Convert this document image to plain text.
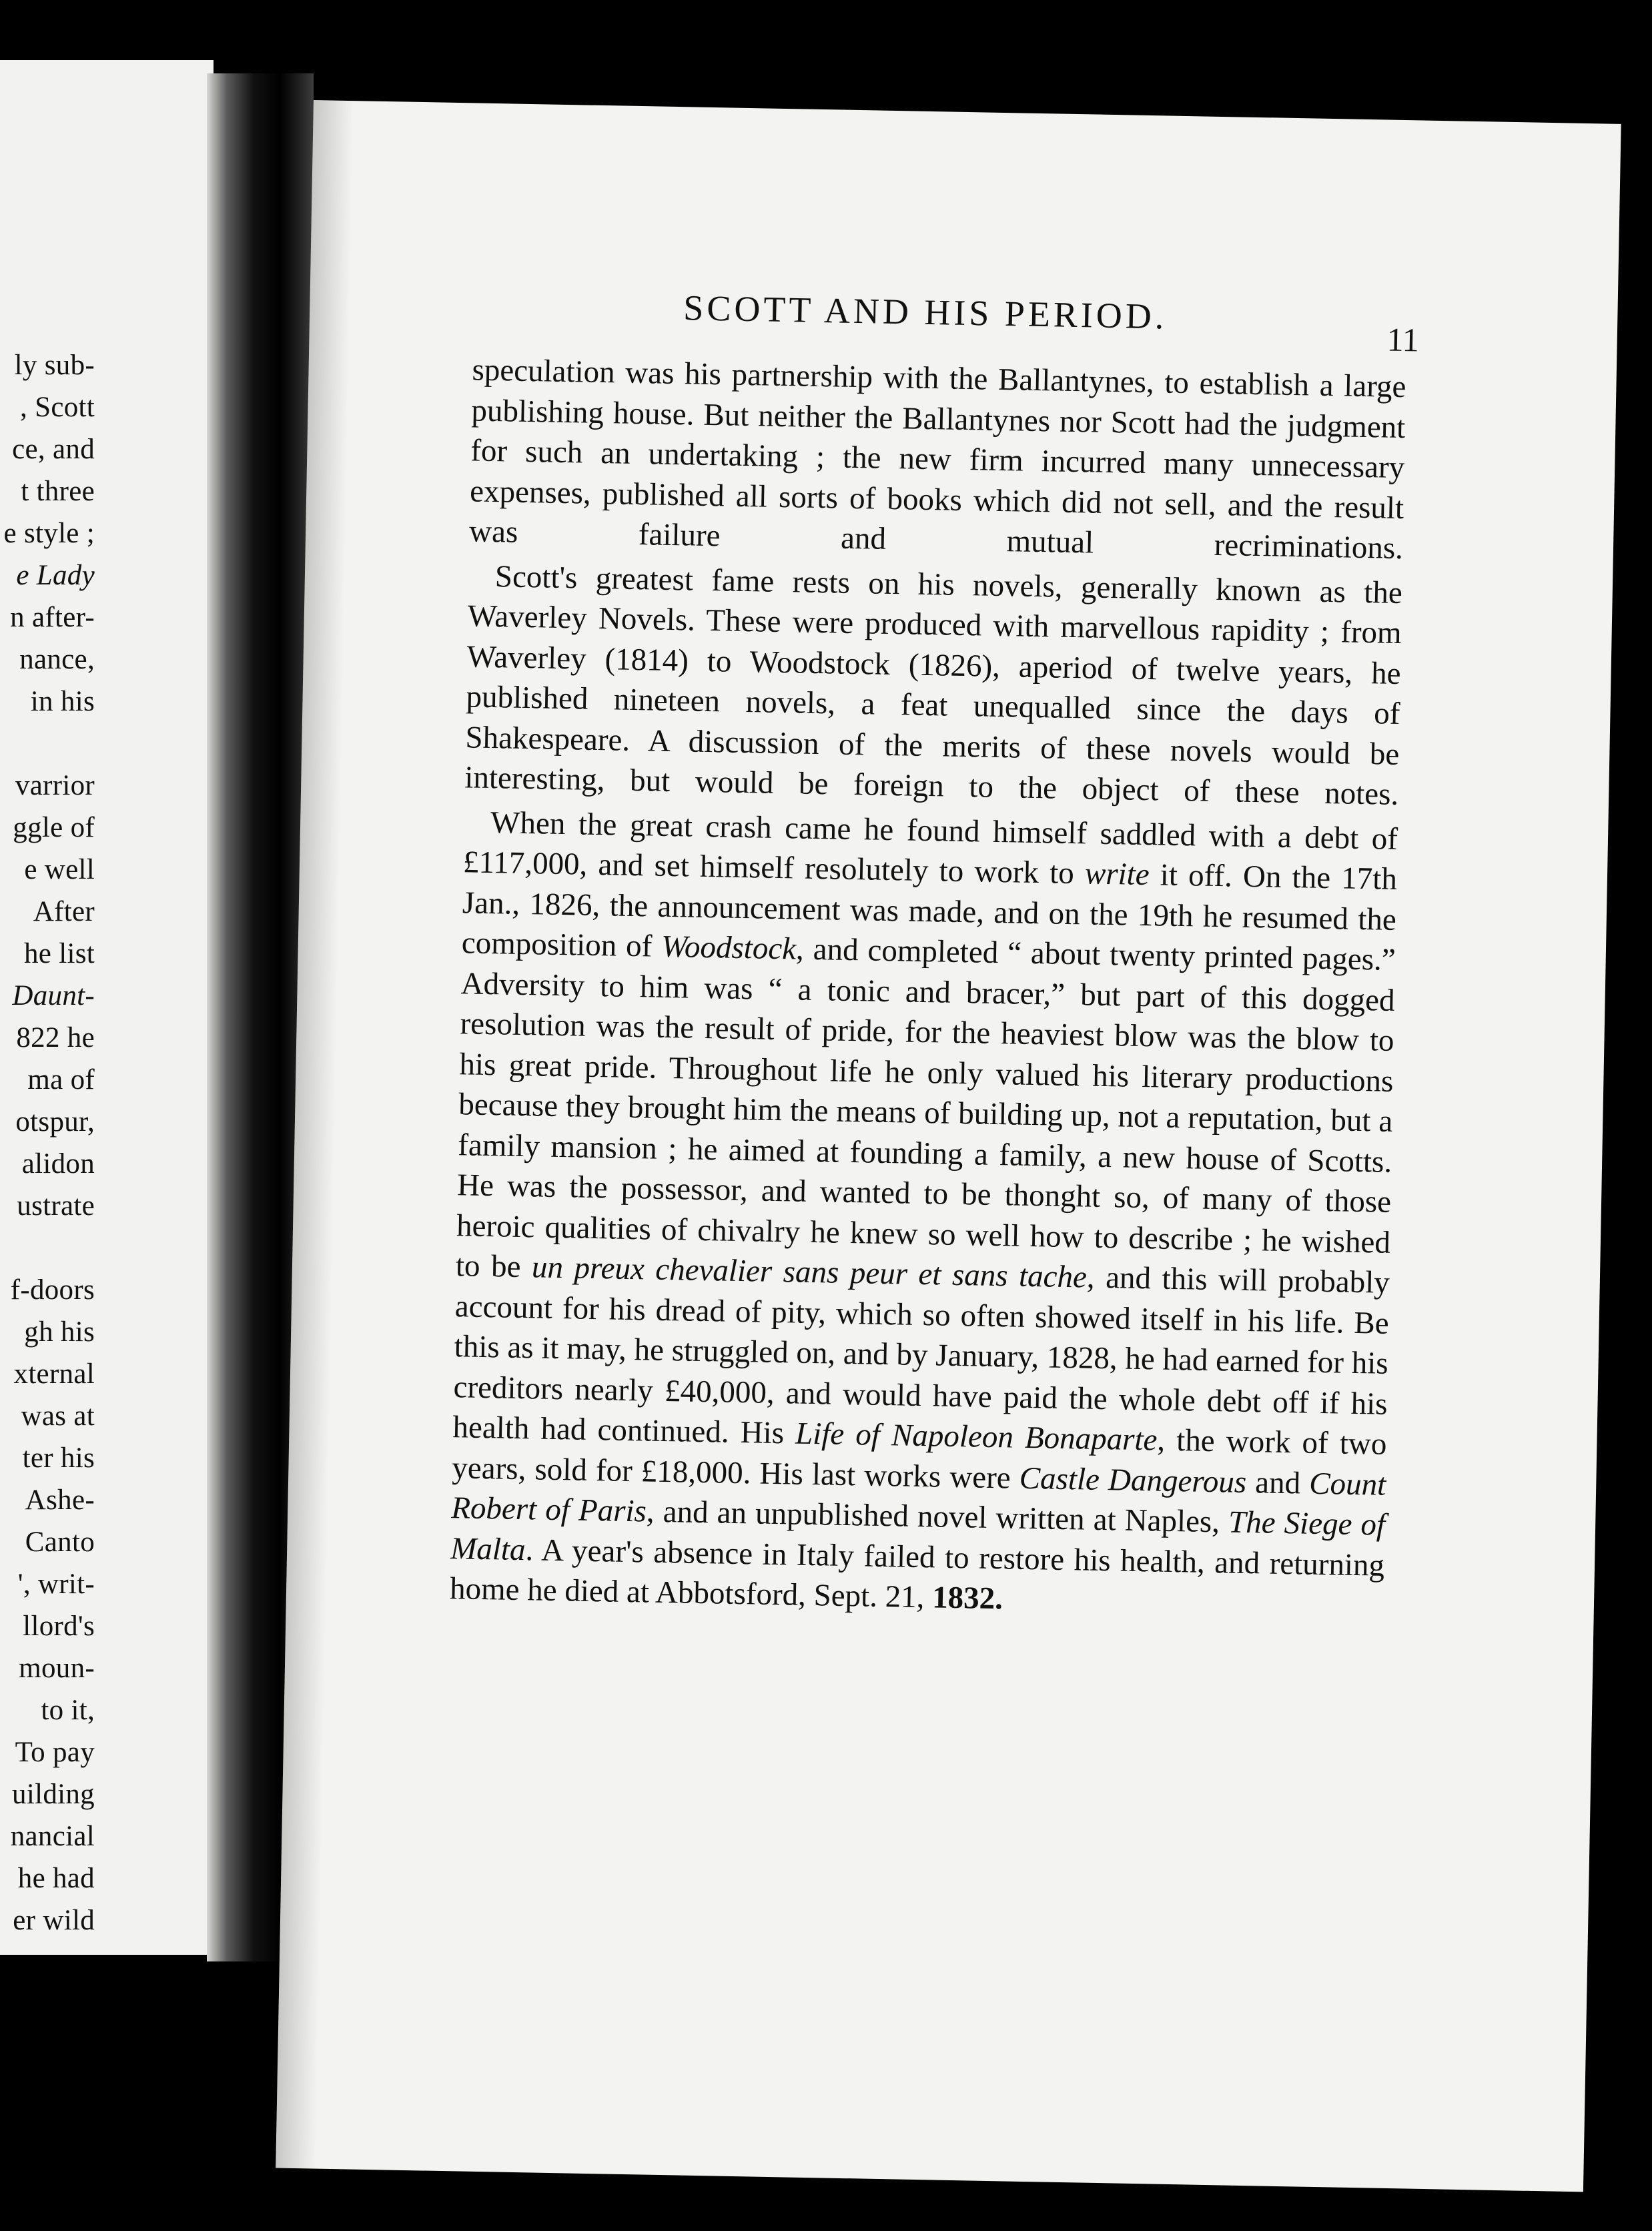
ly sub-
, Scott
ce, and
t three
e style ;
e Lady
n after-
nance,
in his
varrior
ggle of
e well
After
he list
Daunt-
822 he
ma of
otspur,
alidon
ustrate
f-doors
gh his
xternal
was at
ter his
Ashe-
Canto
', writ-
llord's
moun-
to it,
To pay
uilding
nancial
he had
er wild
SCOTT AND HIS PERIOD.
11

speculation was his partnership with the Ballantynes, to establish a large publishing house. But neither the Ballantynes nor Scott had the judgment for such an undertaking ; the new firm incurred many unnecessary expenses, published all sorts of books which did not sell, and the result was failure and mutual recriminations.

Scott's greatest fame rests on his novels, generally known as the Waverley Novels. These were produced with marvellous rapidity ; from Waverley (1814) to Woodstock (1826), aperiod of twelve years, he published nineteen novels, a feat unequalled since the days of Shakespeare. A discussion of the merits of these novels would be interesting, but would be foreign to the object of these notes.

When the great crash came he found himself saddled with a debt of £117,000, and set himself resolutely to work to write it off. On the 17th Jan., 1826, the announcement was made, and on the 19th he resumed the composition of Woodstock, and completed “ about twenty printed pages.” Adversity to him was “ a tonic and bracer,” but part of this dogged resolution was the result of pride, for the heaviest blow was the blow to his great pride. Throughout life he only valued his literary productions because they brought him the means of building up, not a reputation, but a family mansion ; he aimed at founding a family, a new house of Scotts. He was the possessor, and wanted to be thonght so, of many of those heroic qualities of chivalry he knew so well how to describe ; he wished to be un preux chevalier sans peur et sans tache, and this will probably account for his dread of pity, which so often showed itself in his life. Be this as it may, he struggled on, and by January, 1828, he had earned for his creditors nearly £40,000, and would have paid the whole debt off if his health had continued. His Life of Napoleon Bonaparte, the work of two years, sold for £18,000. His last works were Castle Dangerous and Count Robert of Paris, and an unpublished novel written at Naples, The Siege of Malta. A year's absence in Italy failed to restore his health, and returning home he died at Abbotsford, Sept. 21, 1832.
